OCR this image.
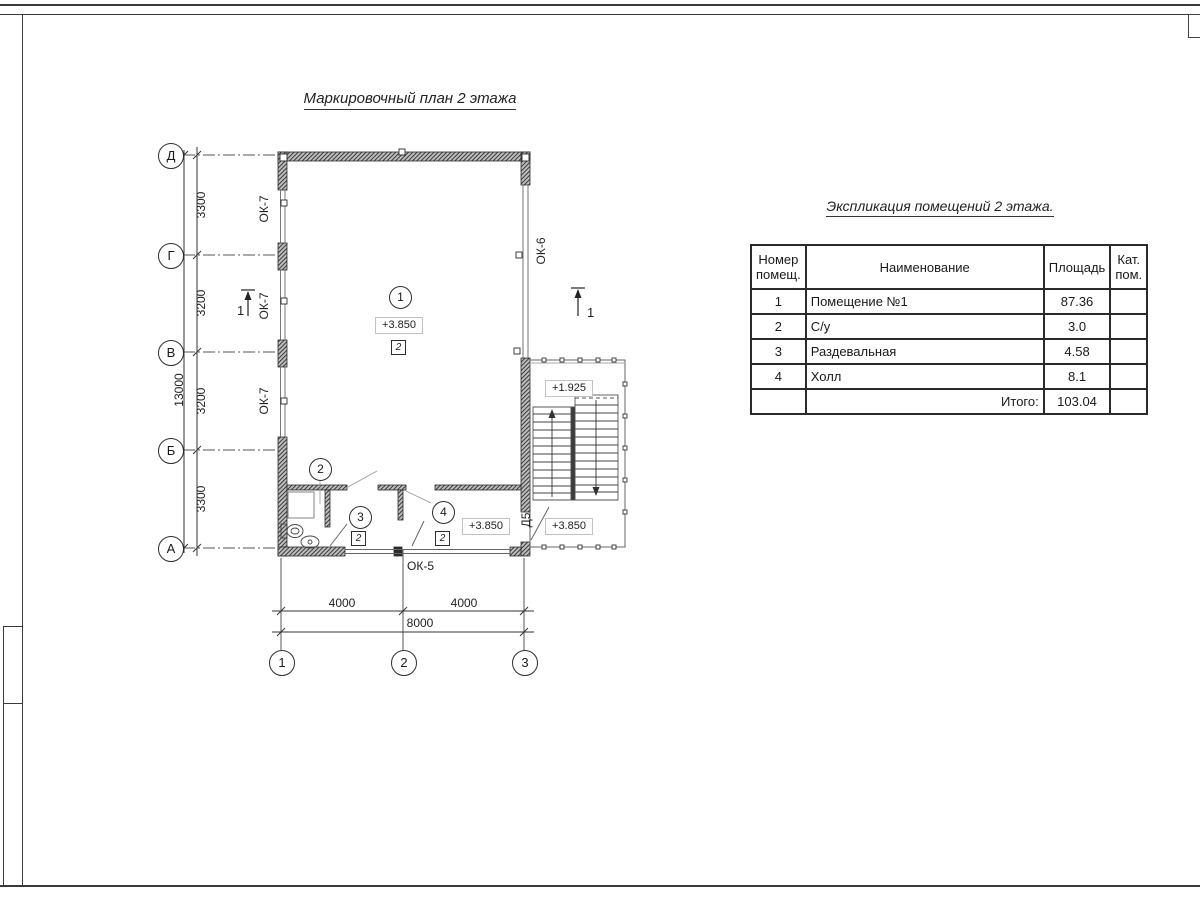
Маркировочный план 2 этажа
Экспликация помещений 2 этажа.
Номер помещ.	Наименование	Площадь	Кат. пом.
1	Помещение №1	87.36	
2	С/у	3.0	
3	Раздевальная	4.58	
4	Холл	8.1	
	Итого:	103.04	
Д
Г
В
Б
А
1	2	3
3300
3200
3200
3300
13000
4000	4000
8000
ОК-7
ОК-7
ОК-7
ОК-6
ОК-5
Д5
1	1
1
2
3	4
2
2	2
+3.850
+3.850
+1.925
+3.850
